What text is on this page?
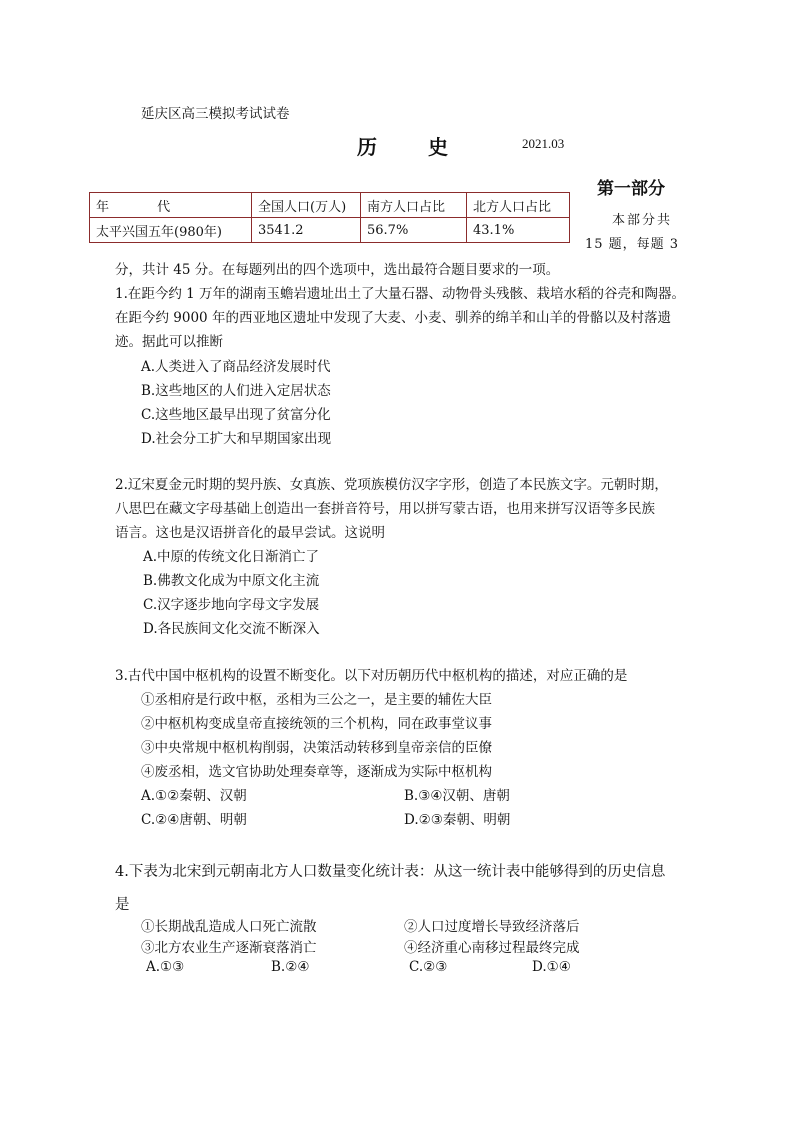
延庆区高三模拟考试试卷
历 史	2021.03
第一部分
本部分共
15 题，每题 3
年 代	全国人口(万人)	南方人口占比	北方人口占比
太平兴国五年(980年)	3541.2	56.7%	43.1%
分，共计 45 分。在每题列出的四个选项中，选出最符合题目要求的一项。
1.在距今约 1 万年的湖南玉蟾岩遗址出土了大量石器、动物骨头残骸、栽培水稻的谷壳和陶器。
在距今约 9000 年的西亚地区遗址中发现了大麦、小麦、驯养的绵羊和山羊的骨骼以及村落遗
迹。据此可以推断
A.人类进入了商品经济发展时代
B.这些地区的人们进入定居状态
C.这些地区最早出现了贫富分化
D.社会分工扩大和早期国家出现
2.辽宋夏金元时期的契丹族、女真族、党项族模仿汉字字形，创造了本民族文字。元朝时期，
八思巴在藏文字母基础上创造出一套拼音符号，用以拼写蒙古语，也用来拼写汉语等多民族
语言。这也是汉语拼音化的最早尝试。这说明
A.中原的传统文化日渐消亡了
B.佛教文化成为中原文化主流
C.汉字逐步地向字母文字发展
D.各民族间文化交流不断深入
3.古代中国中枢机构的设置不断变化。以下对历朝历代中枢机构的描述，对应正确的是
①丞相府是行政中枢，丞相为三公之一，是主要的辅佐大臣
②中枢机构变成皇帝直接统领的三个机构，同在政事堂议事
③中央常规中枢机构削弱，决策活动转移到皇帝亲信的臣僚
④废丞相，选文官协助处理奏章等，逐渐成为实际中枢机构
A.①②秦朝、汉朝	B.③④汉朝、唐朝
C.②④唐朝、明朝	D.②③秦朝、明朝
4.下表为北宋到元朝南北方人口数量变化统计表：从这一统计表中能够得到的历史信息
是
①长期战乱造成人口死亡流散	②人口过度增长导致经济落后
③北方农业生产逐渐衰落消亡	④经济重心南移过程最终完成
A.①③	B.②④	C.②③	D.①④
